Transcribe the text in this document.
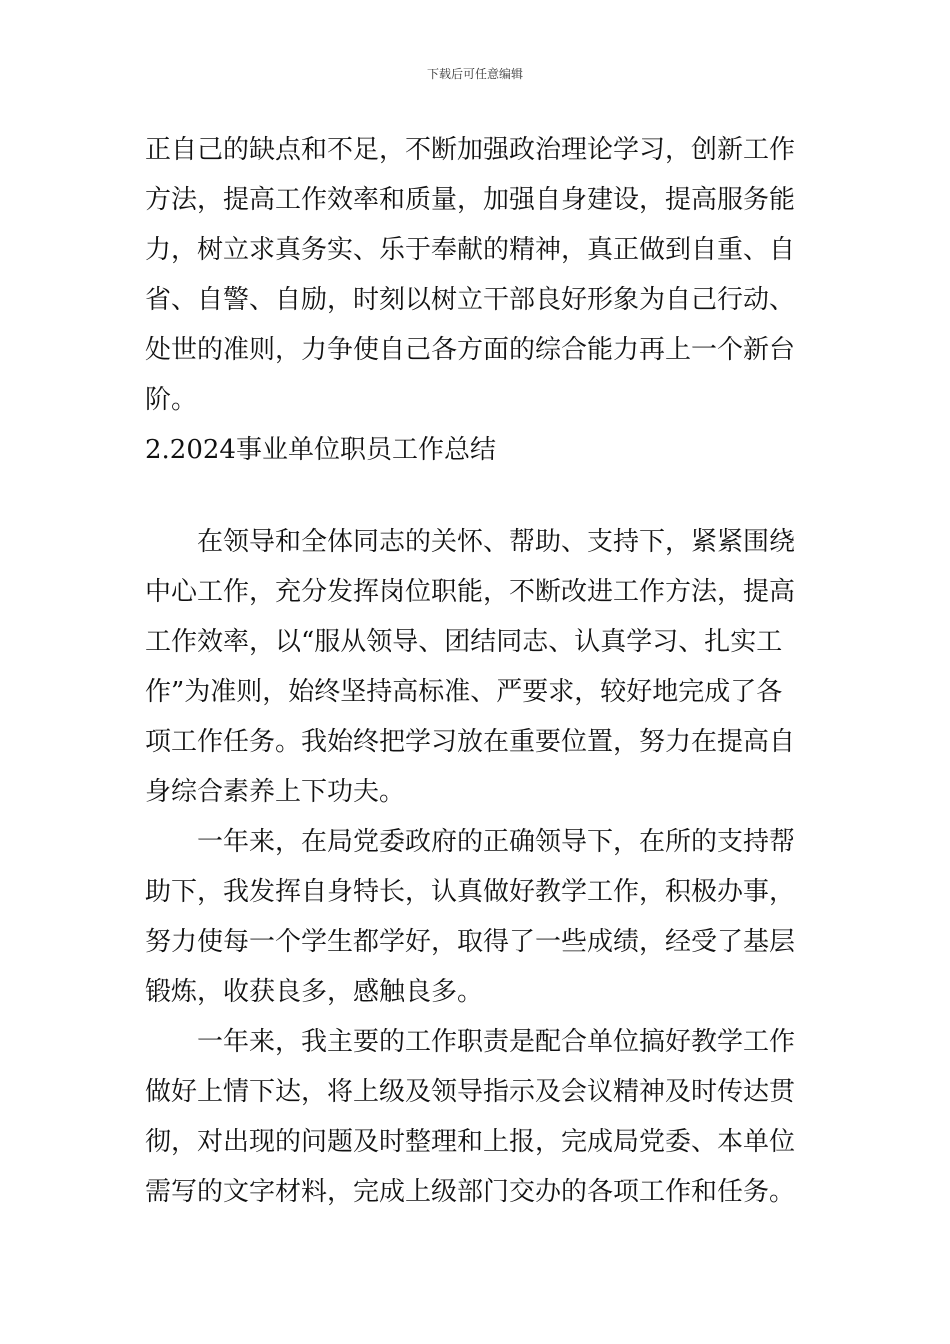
下载后可任意编辑
正自己的缺点和不足，不断加强政治理论学习，创新工作
方法，提高工作效率和质量，加强自身建设，提高服务能
力，树立求真务实、乐于奉献的精神，真正做到自重、自
省、自警、自励，时刻以树立干部良好形象为自己行动、
处世的准则，力争使自己各方面的综合能力再上一个新台
阶。
2.2024事业单位职员工作总结
在领导和全体同志的关怀、帮助、支持下，紧紧围绕
中心工作，充分发挥岗位职能，不断改进工作方法，提高
工作效率，以“服从领导、团结同志、认真学习、扎实工
作”为准则，始终坚持高标准、严要求，较好地完成了各
项工作任务。我始终把学习放在重要位置，努力在提高自
身综合素养上下功夫。
一年来，在局党委政府的正确领导下，在所的支持帮
助下，我发挥自身特长，认真做好教学工作，积极办事，
努力使每一个学生都学好，取得了一些成绩，经受了基层
锻炼，收获良多，感触良多。
一年来，我主要的工作职责是配合单位搞好教学工作
做好上情下达，将上级及领导指示及会议精神及时传达贯
彻，对出现的问题及时整理和上报，完成局党委、本单位
需写的文字材料，完成上级部门交办的各项工作和任务。
